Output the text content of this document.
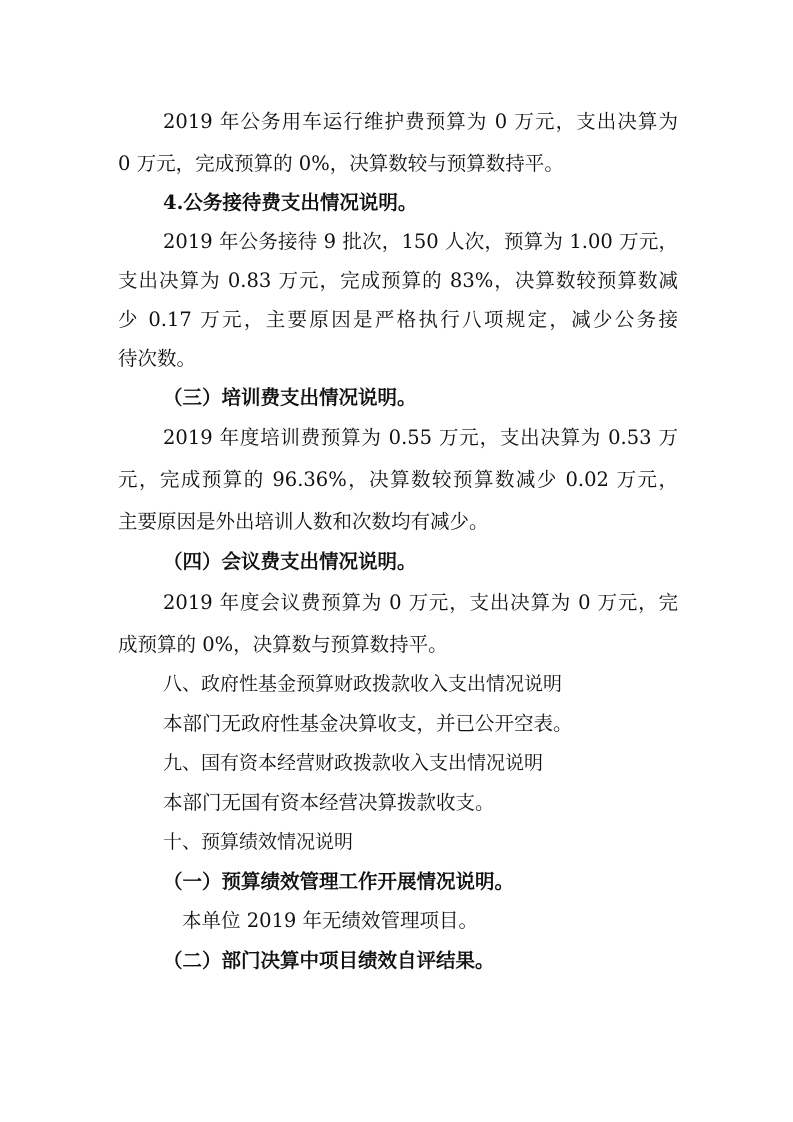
2019 年公务用车运行维护费预算为 0 万元，支出决算为
0 万元，完成预算的 0%，决算数较与预算数持平。
4.公务接待费支出情况说明。
2019 年公务接待 9 批次，150 人次，预算为 1.00 万元，
支出决算为 0.83 万元，完成预算的 83%，决算数较预算数减
少 0.17 万元，主要原因是严格执行八项规定，减少公务接
待次数。
（三）培训费支出情况说明。
2019 年度培训费预算为 0.55 万元，支出决算为 0.53 万
元，完成预算的 96.36%，决算数较预算数减少 0.02 万元，
主要原因是外出培训人数和次数均有减少。
（四）会议费支出情况说明。
2019 年度会议费预算为 0 万元，支出决算为 0 万元，完
成预算的 0%，决算数与预算数持平。
八、政府性基金预算财政拨款收入支出情况说明
本部门无政府性基金决算收支，并已公开空表。
九、国有资本经营财政拨款收入支出情况说明
本部门无国有资本经营决算拨款收支。
十、预算绩效情况说明
（一）预算绩效管理工作开展情况说明。
本单位 2019 年无绩效管理项目。
（二）部门决算中项目绩效自评结果。
